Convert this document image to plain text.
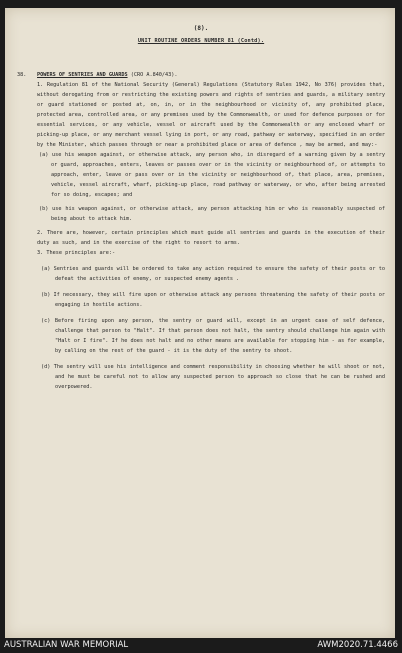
(8).
UNIT ROUTINE ORDERS NUMBER 81 (Contd).
38. POWERS OF SENTRIES AND GUARDS (CRO A.840/43).
1. Regulation 81 of the National Security (General) Regulations (Statutory Rules 1942, No 376) provides that, without derogating from or restricting the existing powers and rights of sentries and guards, a military sentry or guard stationed or posted at, on, in, or in the neighbourhood or vicinity of, any prohibited place, protected area, controlled area, or any premises used by the Commonwealth, or used for defence purposes or for essential services, or any vehicle, vessel or aircraft used by the Commonwealth or any enclosed wharf or picking-up place, or any merchant vessel lying in port, or any road, pathway or waterway, specified in an order by the Minister, which passes through or near a prohibited place or area of defence , may be armed, and may:-
(a) use his weapon against, or otherwise attack, any person who, in disregard of a warning given by a sentry or guard, approaches, enters, leaves or passes over or in the vicinity or neighbourhood of, or attempts to approach, enter, leave or pass over or in the vicinity or neighbourhood of, that place, area, premises, vehicle, vessel aircraft, wharf, picking-up place, road pathway or waterway, or who, after being arrested for so doing, escapes; and
(b) use his weapon against, or otherwise attack, any person attacking him or who is reasonably suspected of being about to attack him.
2. There are, however, certain principles which must guide all sentries and guards in the execution of their duty as such, and in the exercise of the right to resort to arms.
3. These principles are:-
(a) Sentries and guards will be ordered to take any action required to ensure the safety of their posts or to defeat the activities of enemy, or suspected enemy agents .
(b) If necessary, they will fire upon or otherwise attack any persons threatening the safety of their posts or engaging in hostile actions.
(c) Before firing upon any person, the sentry or guard will, except in an urgent case of self defence, challenge that person to "Halt". If that person does not halt, the sentry should challenge him again with "Halt or I fire". If he does not halt and no other means are available for stopping him - as for example, by calling on the rest of the guard - it is the duty of the sentry to shoot.
(d) The sentry will use his intelligence and comment responsibility in choosing whether he will shoot or not, and he must be careful not to allow any suspected person to approach so close that he can be rushed and overpowered.
AUSTRALIAN WAR MEMORIAL	AWM2020.71.4466
